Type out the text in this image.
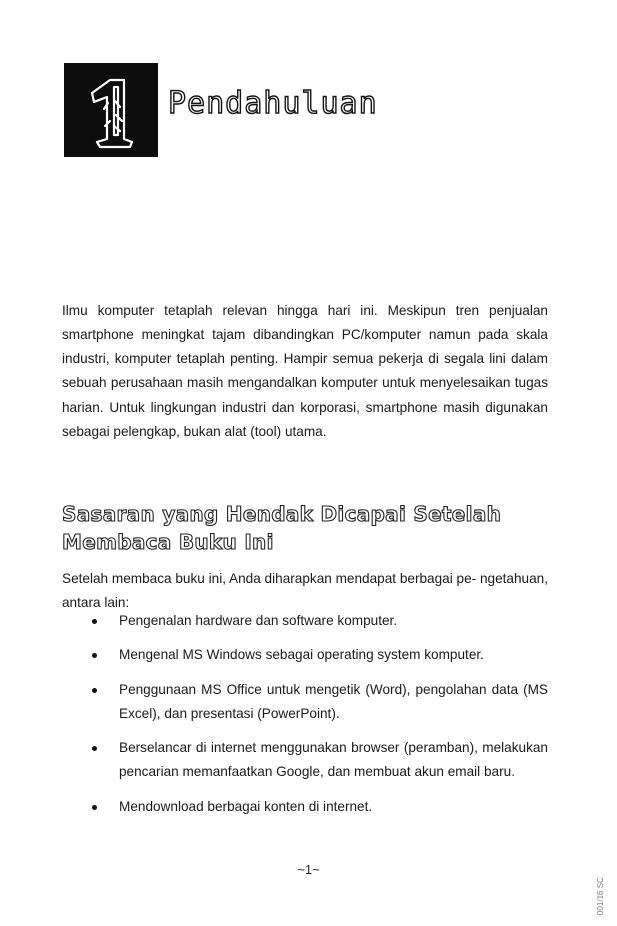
Pendahuluan

Ilmu komputer tetaplah relevan hingga hari ini. Meskipun tren penjualan smartphone meningkat tajam dibandingkan PC/komputer namun pada skala industri, komputer tetaplah penting. Hampir semua pekerja di segala lini dalam sebuah perusahaan masih mengandalkan komputer untuk menyelesaikan tugas harian. Untuk lingkungan industri dan korporasi, smartphone masih digunakan sebagai pelengkap, bukan alat (tool) utama.

Sasaran yang Hendak Dicapai Setelah Membaca Buku Ini

Setelah membaca buku ini, Anda diharapkan mendapat berbagai pe- ngetahuan, antara lain:

Pengenalan hardware dan software komputer.
Mengenal MS Windows sebagai operating system komputer.
Penggunaan MS Office untuk mengetik (Word), pengolahan data (MS Excel), dan presentasi (PowerPoint).
Berselancar di internet menggunakan browser (peramban), melakukan pencarian memanfaatkan Google, dan membuat akun email baru.
Mendownload berbagai konten di internet.
~1~
001/16 SC
